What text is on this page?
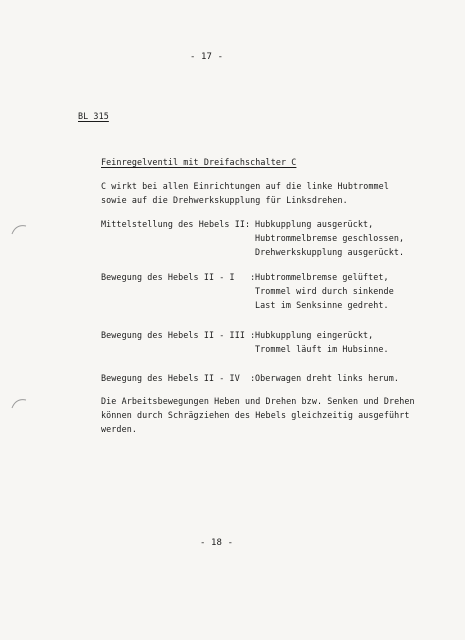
- 17 -
BL 315
Feinregelventil mit Dreifachschalter C
C wirkt bei allen Einrichtungen auf die linke Hubtrommel
sowie auf die Drehwerkskupplung für Linksdrehen.
Mittelstellung des Hebels II: Hubkupplung ausgerückt,
Hubtrommelbremse geschlossen,
Drehwerkskupplung ausgerückt.
Bewegung des Hebels II - I   : Hubtrommelbremse gelüftet,
Trommel wird durch sinkende
Last im Senksinne gedreht.
Bewegung des Hebels II - III : Hubkupplung eingerückt,
Trommel läuft im Hubsinne.
Bewegung des Hebels II - IV  : Oberwagen dreht links herum.
Die Arbeitsbewegungen Heben und Drehen bzw. Senken und Drehen
können durch Schrägziehen des Hebels gleichzeitig ausgeführt
werden.
- 18 -
